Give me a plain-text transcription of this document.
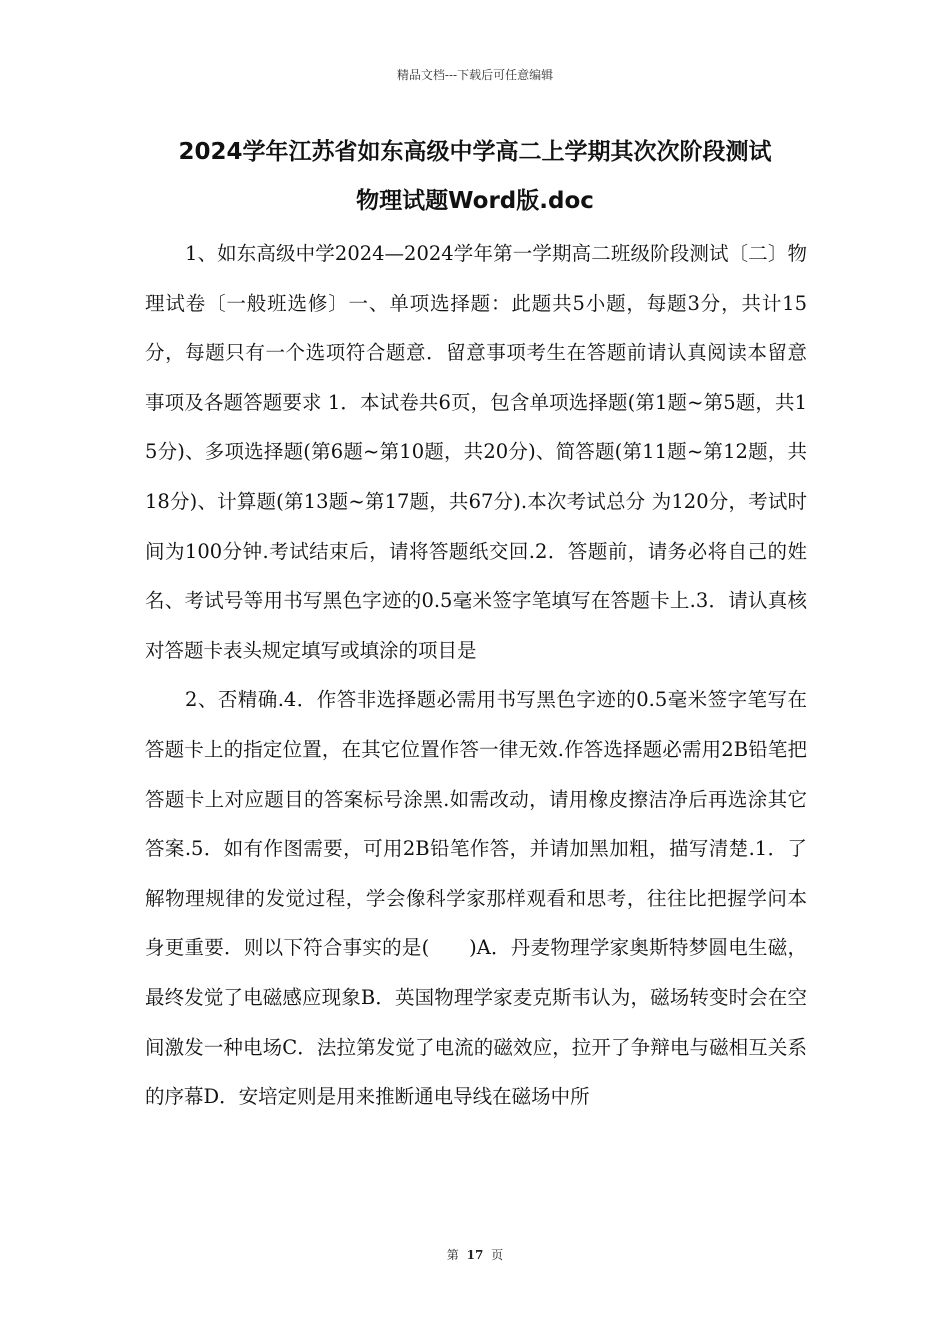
精品文档---下载后可任意编辑
2024学年江苏省如东高级中学高二上学期其次次阶段测试
物理试题Word版.doc

1、如东高级中学2024—2024学年第一学期高二班级阶段测试〔二〕物理试卷〔一般班选修〕一、单项选择题：此题共5小题，每题3分，共计15分，每题只有一个选项符合题意．留意事项考生在答题前请认真阅读本留意事项及各题答题要求 1．本试卷共6页，包含单项选择题(第1题~第5题，共15分)、多项选择题(第6题~第10题，共20分)、简答题(第11题~第12题，共18分)、计算题(第13题~第17题，共67分).本次考试总分 为120分，考试时间为100分钟.考试结束后，请将答题纸交回.2．答题前，请务必将自己的姓名、考试号等用书写黑色字迹的0.5毫米签字笔填写在答题卡上.3．请认真核对答题卡表头规定填写或填涂的项目是

2、否精确.4．作答非选择题必需用书写黑色字迹的0.5毫米签字笔写在答题卡上的指定位置，在其它位置作答一律无效.作答选择题必需用2B铅笔把答题卡上对应题目的答案标号涂黑.如需改动，请用橡皮擦洁净后再选涂其它答案.5．如有作图需要，可用2B铅笔作答，并请加黑加粗，描写清楚.1．了解物理规律的发觉过程，学会像科学家那样观看和思考，往往比把握学问本身更重要．则以下符合事实的是(　　)A．丹麦物理学家奥斯特梦圆电生磁，最终发觉了电磁感应现象B．英国物理学家麦克斯韦认为，磁场转变时会在空间激发一种电场C．法拉第发觉了电流的磁效应，拉开了争辩电与磁相互关系的序幕D．安培定则是用来推断通电导线在磁场中所

第 17 页
